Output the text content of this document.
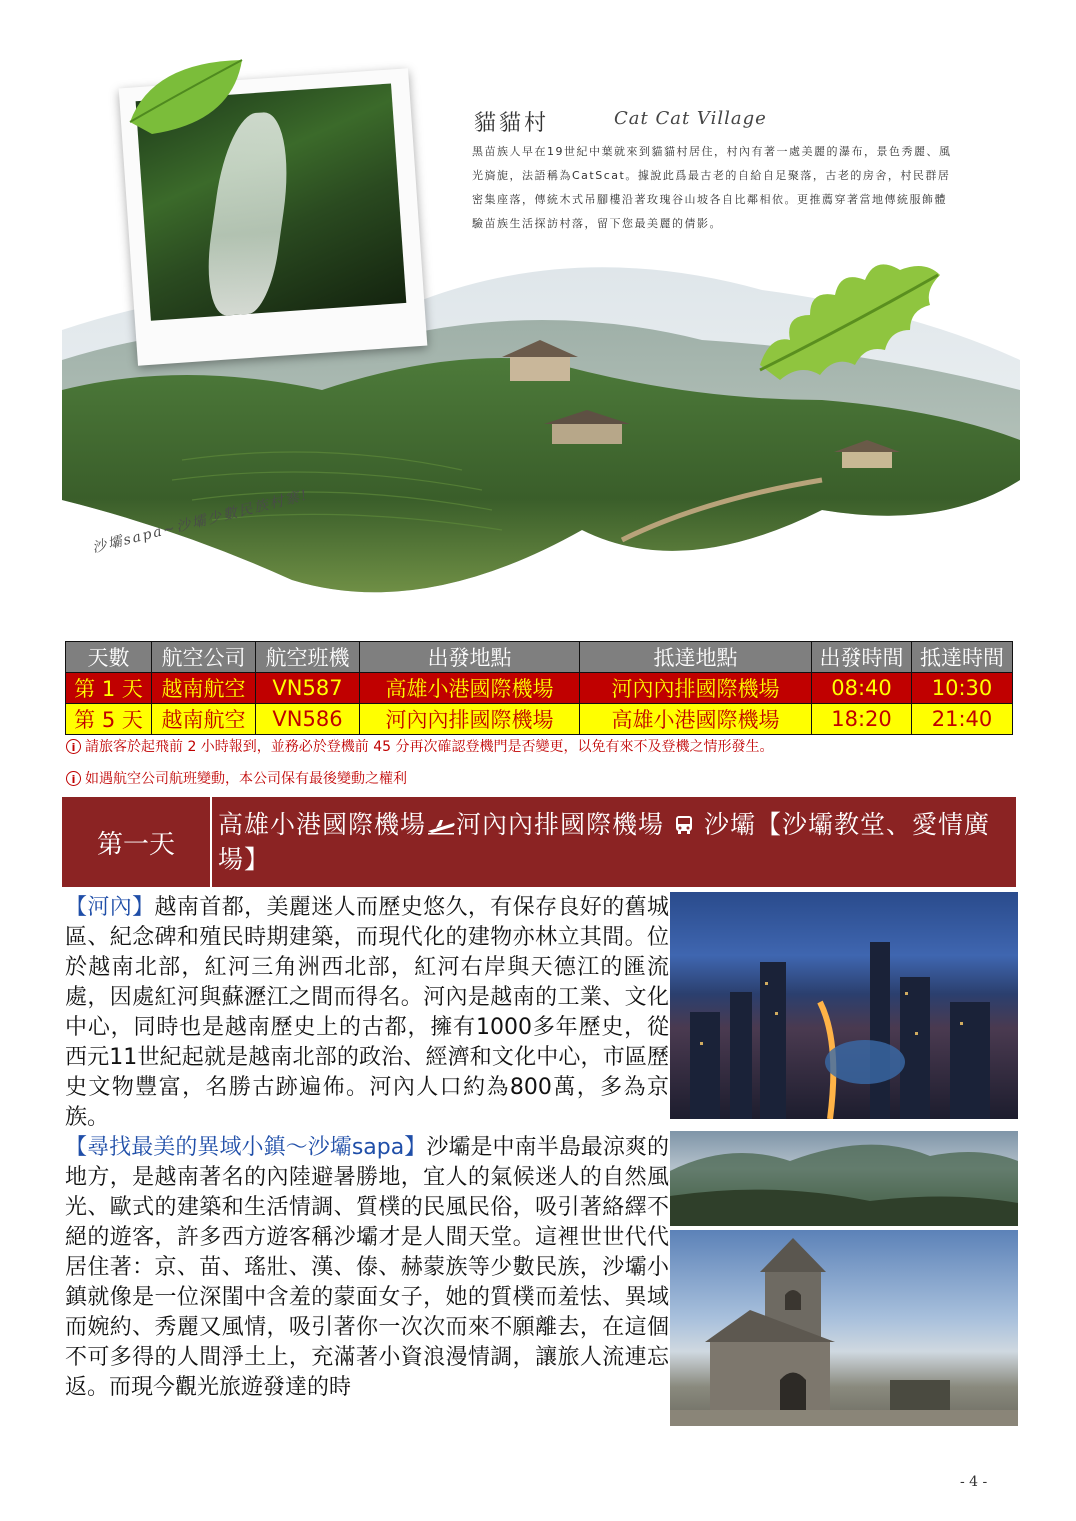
貓貓村	Cat Cat Village
黑苗族人早在19世紀中葉就來到貓貓村居住，村內有著一處美麗的瀑布，景色秀麗、風光旖旎，法語稱為CatScat。據說此爲最古老的自給自足聚落，古老的房舍，村民群居密集座落，傳統木式吊腳樓沿著玫瑰谷山坡各自比鄰相依。更推薦穿著當地傳統服飾體驗苗族生活探訪村落，留下您最美麗的倩影。
沙壩sapa~沙壩少數民族村寨!
天數	航空公司	航空班機	出發地點	抵達地點	出發時間	抵達時間
第 1 天	越南航空	VN587	高雄小港國際機場	河內內排國際機場	08:40	10:30
第 5 天	越南航空	VN586	河內內排國際機場	高雄小港國際機場	18:20	21:40
i 請旅客於起飛前 2 小時報到，並務必於登機前 45 分再次確認登機門是否變更，以免有來不及登機之情形發生。
i 如遇航空公司航班變動，本公司保有最後變動之權利
第一天
高雄小港國際機場 河內內排國際機場 沙壩【沙壩教堂、愛情廣場】

【河內】越南首都，美麗迷人而歷史悠久，有保存良好的舊城區、紀念碑和殖民時期建築，而現代化的建物亦林立其間。位於越南北部，紅河三角洲西北部，紅河右岸與天德江的匯流處，因處紅河與蘇瀝江之間而得名。河內是越南的工業、文化中心，同時也是越南歷史上的古都，擁有1000多年歷史，從西元11世紀起就是越南北部的政治、經濟和文化中心，市區歷史文物豐富，名勝古跡遍佈。河內人口約為800萬，多為京族。

【尋找最美的異域小鎮～沙壩sapa】沙壩是中南半島最涼爽的地方，是越南著名的內陸避暑勝地，宜人的氣候迷人的自然風光、歐式的建築和生活情調、質樸的民風民俗，吸引著絡繹不絕的遊客，許多西方遊客稱沙壩才是人間天堂。這裡世世代代居住著：京、苗、瑤壯、漢、傣、赫蒙族等少數民族，沙壩小鎮就像是一位深閨中含羞的蒙面女子，她的質樸而羞怯、異域而婉約、秀麗又風情，吸引著你一次次而來不願離去，在這個不可多得的人間淨土上，充滿著小資浪漫情調，讓旅人流連忘返。而現今觀光旅遊發達的時

- 4 -
